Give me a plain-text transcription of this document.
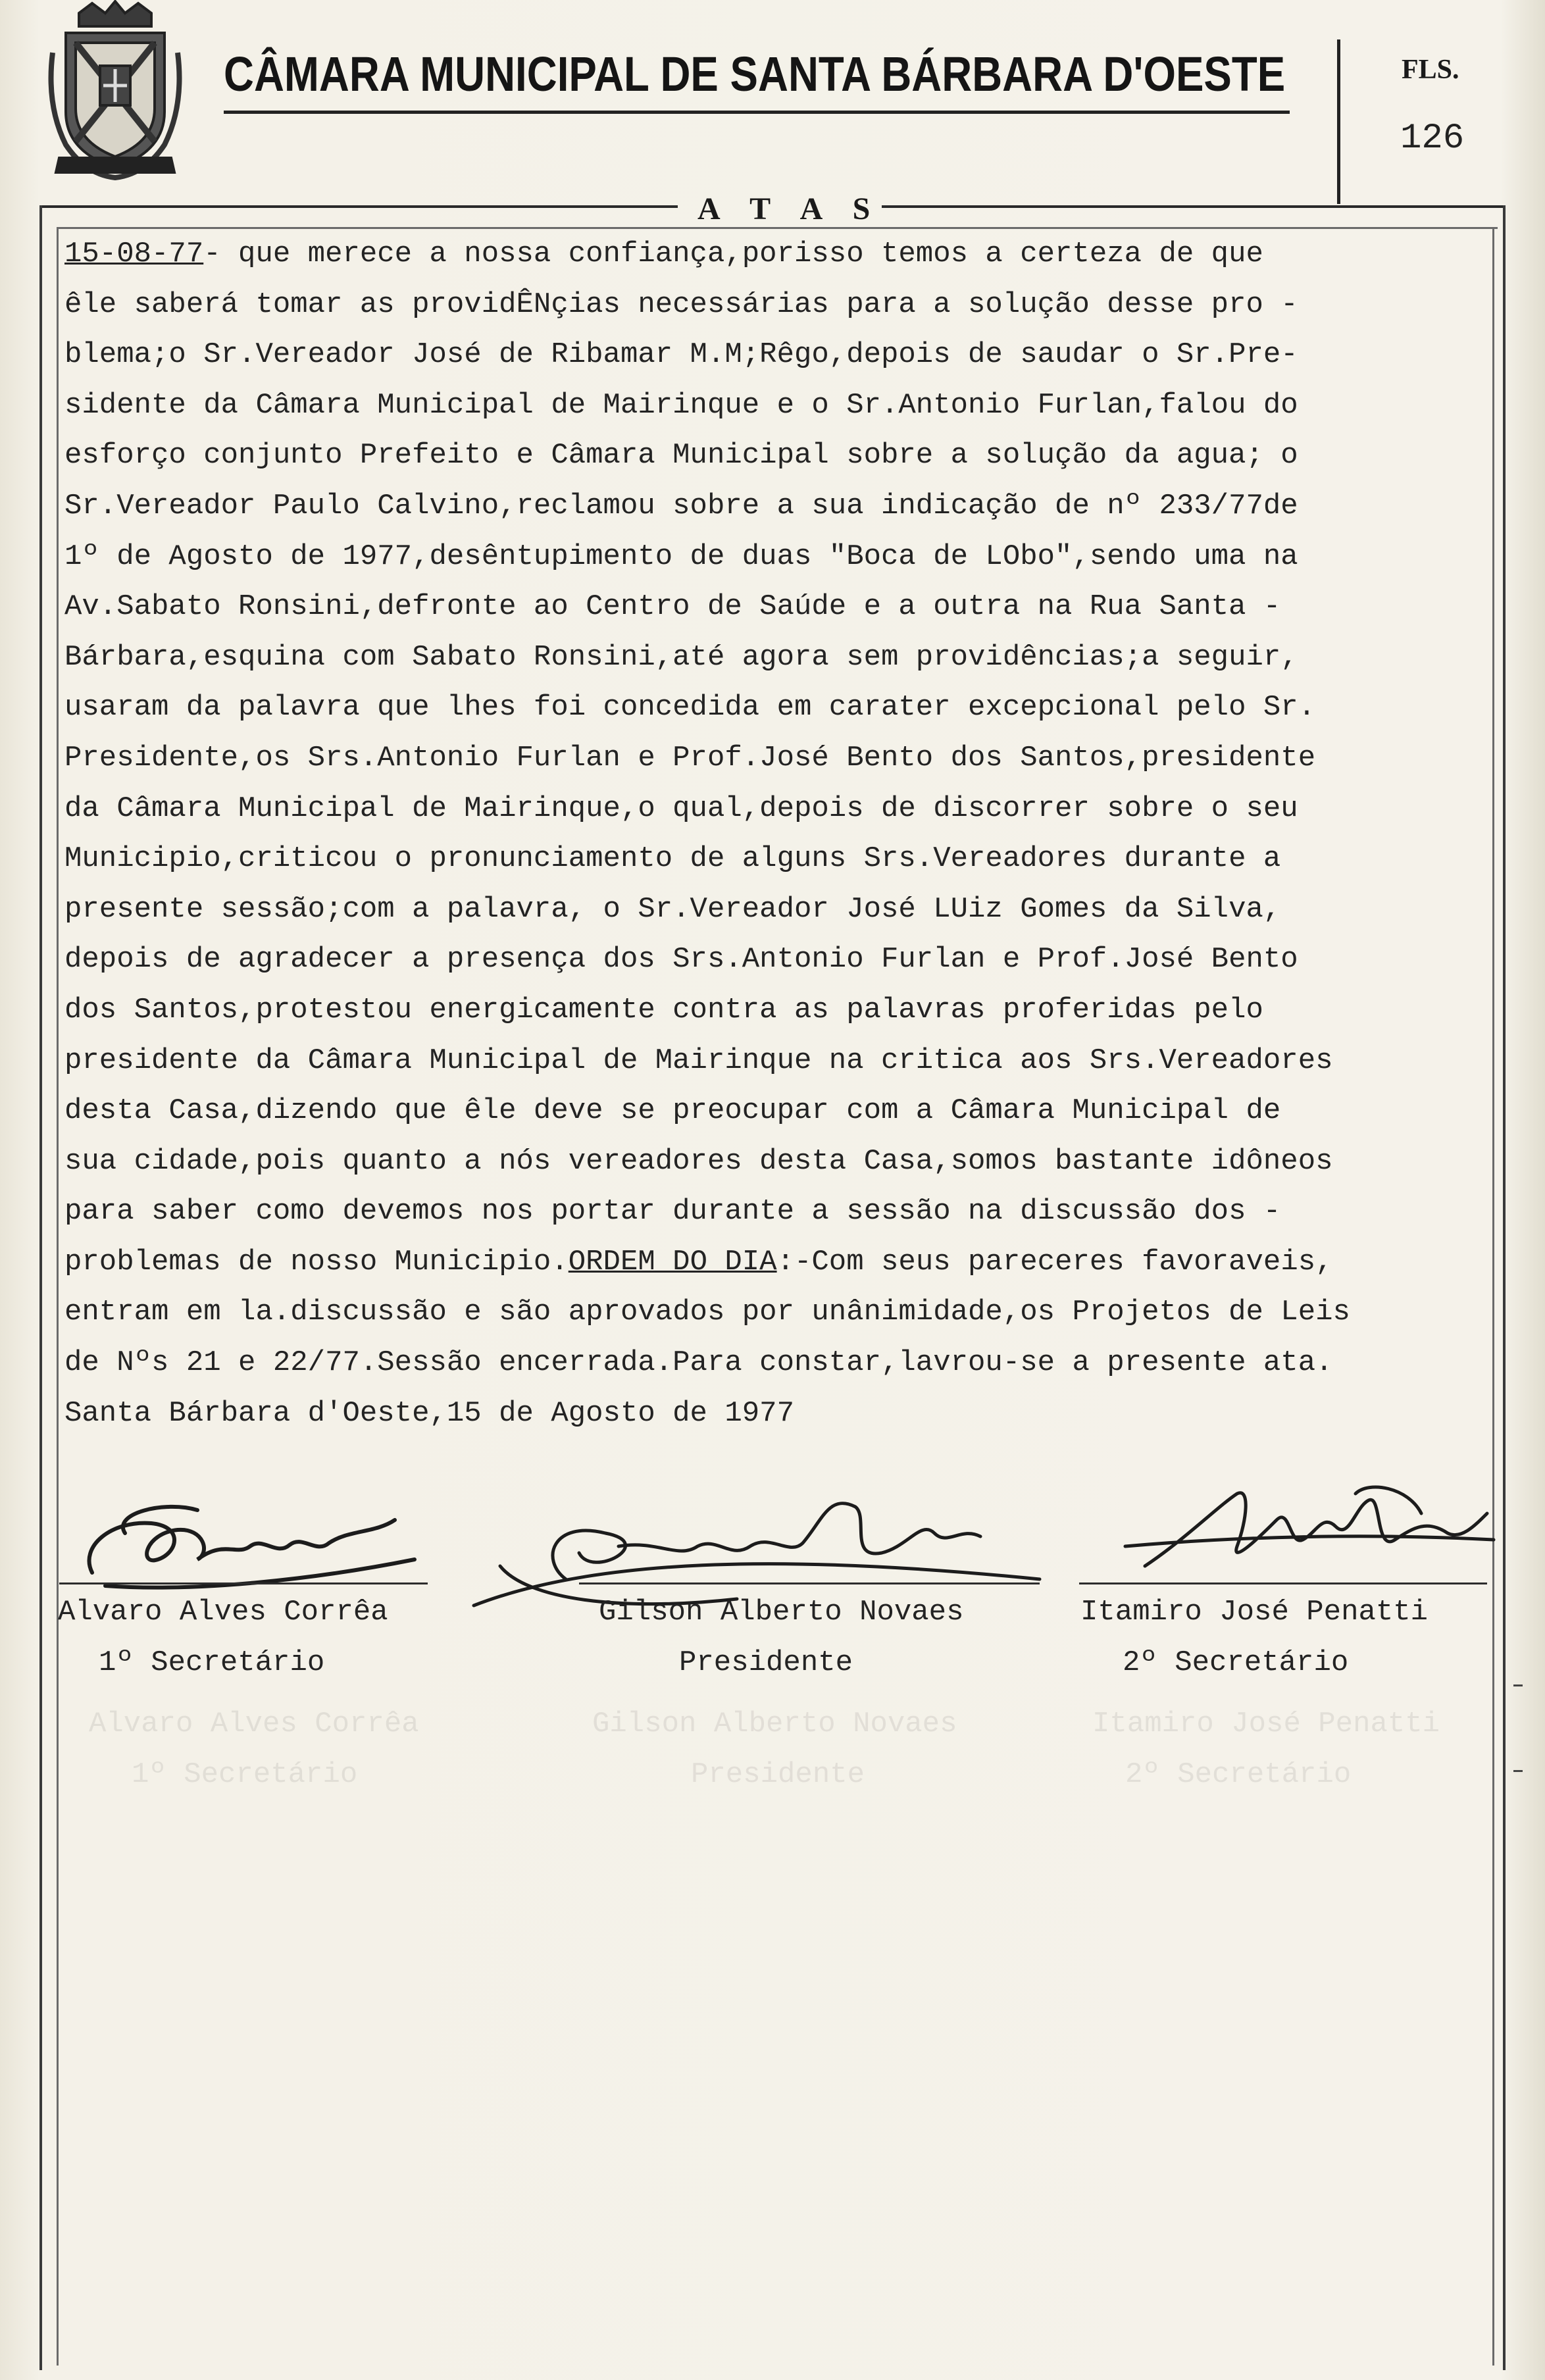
CÂMARA MUNICIPAL DE SANTA BÁRBARA D'OESTE	FLS.
126
A T A S

15-08-77- que merece a nossa confiança,porisso temos a certeza de que
êle saberá tomar as providÊNçias necessárias para a solução desse pro -
blema;o Sr.Vereador José de Ribamar M.M;Rêgo,depois de saudar o Sr.Pre-
sidente da Câmara Municipal de Mairinque e o Sr.Antonio Furlan,falou do
esforço conjunto Prefeito e Câmara Municipal sobre a solução da agua; o
Sr.Vereador Paulo Calvino,reclamou sobre a sua indicação de nº 233/77de
1º de Agosto de 1977,desêntupimento de duas "Boca de LObo",sendo uma na
Av.Sabato Ronsini,defronte ao Centro de Saúde e a outra na Rua Santa -
Bárbara,esquina com Sabato Ronsini,até agora sem providências;a seguir,
usaram da palavra que lhes foi concedida em carater excepcional pelo Sr.
Presidente,os Srs.Antonio Furlan e Prof.José Bento dos Santos,presidente
da Câmara Municipal de Mairinque,o qual,depois de discorrer sobre o seu
Municipio,criticou o pronunciamento de alguns Srs.Vereadores durante a
presente sessão;com a palavra, o Sr.Vereador José LUiz Gomes da Silva,
depois de agradecer a presença dos Srs.Antonio Furlan e Prof.José Bento
dos Santos,protestou energicamente contra as palavras proferidas pelo
presidente da Câmara Municipal de Mairinque na critica aos Srs.Vereadores
desta Casa,dizendo que êle deve se preocupar com a Câmara Municipal de
sua cidade,pois quanto a nós vereadores desta Casa,somos bastante idôneos
para saber como devemos nos portar durante a sessão na discussão dos -
problemas de nosso Municipio.ORDEM DO DIA:-Com seus pareceres favoraveis,
entram em la.discussão e são aprovados por unânimidade,os Projetos de Leis
de Nºs 21 e 22/77.Sessão encerrada.Para constar,lavrou-se a presente ata.
Santa Bárbara d'Oeste,15 de Agosto de 1977
Alvaro Alves Corrêa
1º Secretário
Gilson Alberto Novaes
Presidente
Itamiro José Penatti
2º Secretário
Alvaro Alves Corrêa	Gilson Alberto Novaes	Itamiro José Penatti
1º Secretário	Presidente	2º Secretário
